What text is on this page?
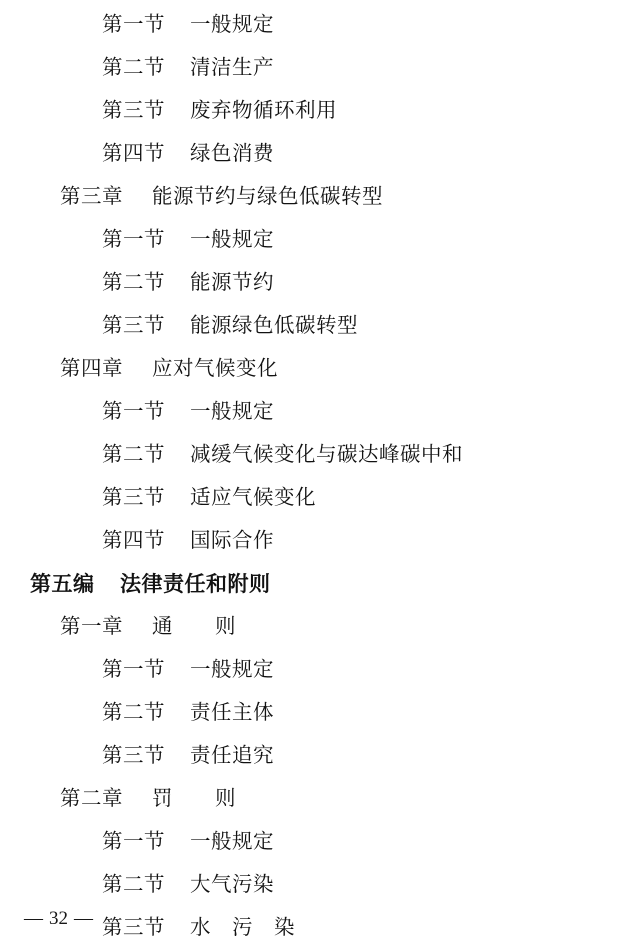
第一节 一般规定
第二节 清洁生产
第三节 废弃物循环利用
第四节 绿色消费
第三章 能源节约与绿色低碳转型
第一节 一般规定
第二节 能源节约
第三节 能源绿色低碳转型
第四章 应对气候变化
第一节 一般规定
第二节 减缓气候变化与碳达峰碳中和
第三节 适应气候变化
第四节 国际合作
第五编 法律责任和附则
第一章 通　　则
第一节 一般规定
第二节 责任主体
第三节 责任追究
第二章 罚　　则
第一节 一般规定
第二节 大气污染
第三节 水　污　染
— 32 —
